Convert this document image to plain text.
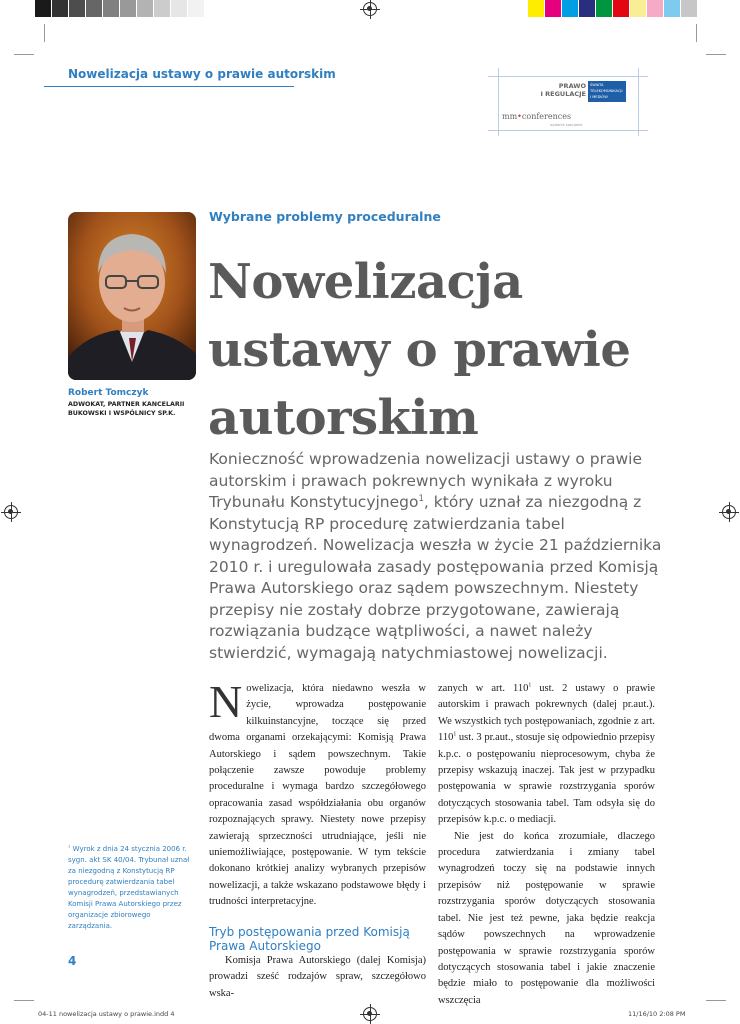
Nowelizacja ustawy o prawie autorskim
PRAWO
I REGULACJE
ŚWIATA
TELEKOMUNIKACJI
I MEDIÓW
mm•conferences
wydanie specjalne
Robert Tomczyk
ADWOKAT, PARTNER KANCELARII BUKOWSKI I WSPÓLNICY SP.K.
Wybrane problemy proceduralne
Nowelizacja
ustawy o prawie
autorskim
Konieczność wprowadzenia nowelizacji ustawy o prawie autorskim i prawach pokrewnych wynikała z wyroku Trybunału Konstytucyjnego$^1$, który uznał za niezgodną z Konstytucją RP procedurę zatwierdzania tabel wynagrodzeń. Nowelizacja weszła w życie 21 października 2010 r. i uregulowała zasady postępowania przed Komisją Prawa Autorskiego oraz sądem powszechnym. Niestety przepisy nie zostały dobrze przygotowane, zawierają rozwiązania budzące wątpliwości, a nawet należy stwierdzić, wymagają natychmiastowej nowelizacji.

Nowelizacja, która niedawno weszła w życie, wprowadza postępowanie kilkuinstancyjne, toczące się przed dwoma organami orzekającymi: Komisją Prawa Autorskiego i sądem powszechnym. Takie połączenie zawsze powoduje problemy proceduralne i wymaga bardzo szczegółowego opracowania zasad współdziałania obu organów rozpoznających sprawy. Niestety nowe przepisy zawierają sprzeczności utrudniające, jeśli nie uniemożliwiające, postępowanie. W tym tekście dokonano krótkiej analizy wybranych przepisów nowelizacji, a także wskazano podstawowe błędy i trudności interpretacyjne.

Tryb postępowania przed Komisją Prawa Autorskiego

Komisja Prawa Autorskiego (dalej Komisja) prowadzi sześć rodzajów spraw, szczegółowo wska-

zanych w art. $110^1$ ust. 2 ustawy o prawie autorskim i prawach pokrewnych (dalej pr.aut.). We wszystkich tych postępowaniach, zgodnie z art. $110^1$ ust. 3 pr.aut., stosuje się odpowiednio przepisy k.p.c. o postępowaniu nieprocesowym, chyba że przepisy wskazują inaczej. Tak jest w przypadku postępowania w sprawie rozstrzygania sporów dotyczących stosowania tabel. Tam odsyła się do przepisów k.p.c. o mediacji.

Nie jest do końca zrozumiałe, dlaczego procedura zatwierdzania i zmiany tabel wynagrodzeń toczy się na podstawie innych przepisów niż postępowanie w sprawie rozstrzygania sporów dotyczących stosowania tabel. Nie jest też pewne, jaka będzie reakcja sądów powszechnych na wprowadzenie postępowania w sprawie rozstrzygania sporów dotyczących stosowania tabel i jakie znaczenie będzie miało to postępowanie dla możliwości wszczęcia

$^1$ Wyrok z dnia 24 stycznia 2006 r. sygn. akt SK 40/04. Trybunał uznał za niezgodną z Konstytucją RP procedurę zatwierdzania tabel wynagrodzeń, przedstawianych Komisji Prawa Autorskiego przez organizacje zbiorowego zarządzania.
4
04-11 nowelizacja ustawy o prawie.indd 4	11/16/10 2:08 PM
